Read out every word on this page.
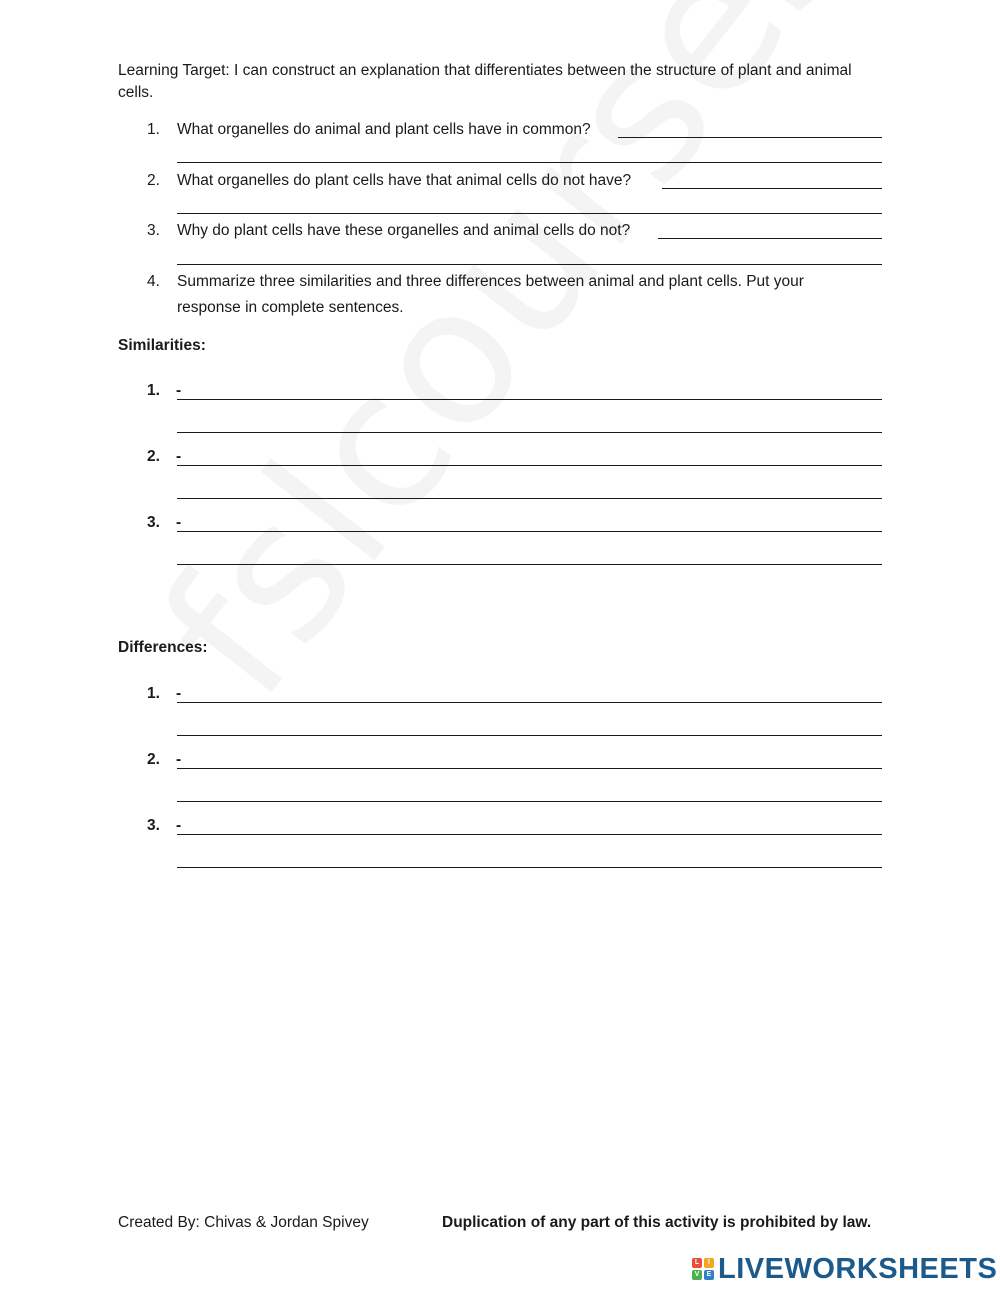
Learning Target: I can construct an explanation that differentiates between the structure of plant and animal cells.
1. What organelles do animal and plant cells have in common?
2. What organelles do plant cells have that animal cells do not have?
3. Why do plant cells have these organelles and animal cells do not?
4. Summarize three similarities and three differences between animal and plant cells. Put your
response in complete sentences.
Similarities:
1. -
2. -
3. -
Differences:
1. -
2. -
3. -
Created By: Chivas & Jordan Spivey	Duplication of any part of this activity is prohibited by law.
L	I
V	E LIVEWORKSHEETS
